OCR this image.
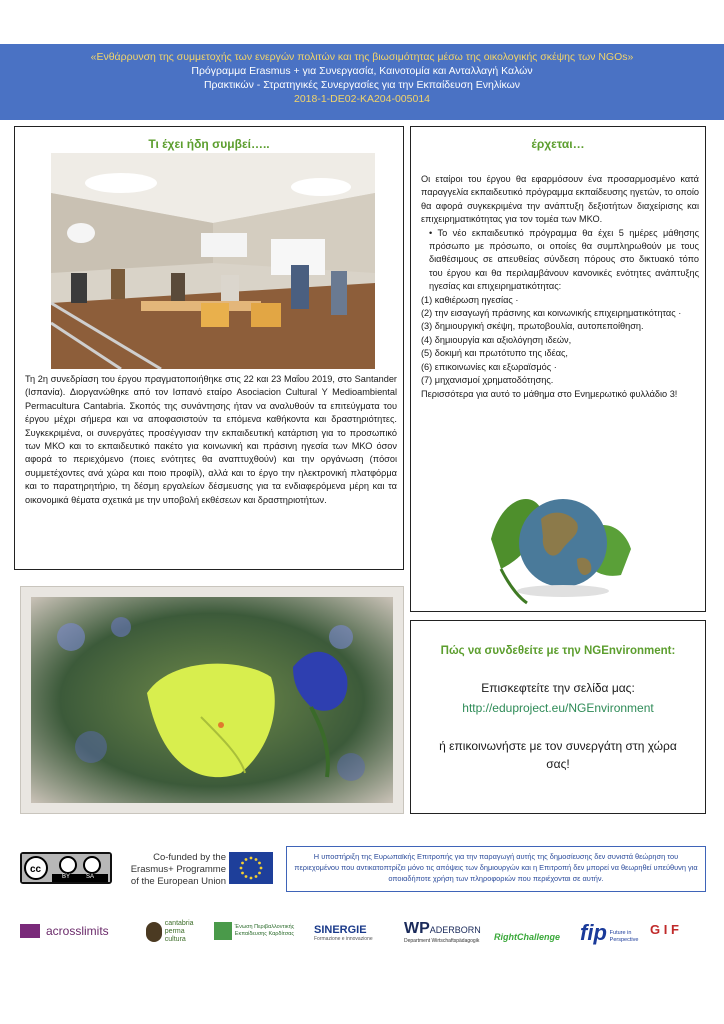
«Ενθάρρυνση της συμμετοχής των ενεργών πολιτών και της βιωσιμότητας μέσω της οικολογικής σκέψης των NGOs»
Πρόγραμμα Erasmus + για Συνεργασία, Καινοτομία και Ανταλλαγή Καλών
Πρακτικών - Στρατηγικές Συνεργασίες για την Εκπαίδευση Ενηλίκων
2018-1-DE02-KA204-005014
Τι έχει ήδη συμβεί…..
Τη 2η συνεδρίαση του έργου πραγματοποιήθηκε στις 22 και 23 Μαΐου 2019, στο Santander (Ισπανία). Διοργανώθηκε από τον Ισπανό εταίρο Asociacion Cultural Y Medioambiental Permacultura Cantabria. Σκοπός της συνάντησης ήταν να αναλυθούν τα επιτεύγματα του έργου μέχρι σήμερα και να αποφασιστούν τα επόμενα καθήκοντα και δραστηριότητες. Συγκεκριμένα, οι συνεργάτες προσέγγισαν την εκπαιδευτική κατάρτιση για το προσωπικό των ΜΚΟ και το εκπαιδευτικό πακέτο για κοινωνική και πράσινη ηγεσία των ΜΚΟ όσον αφορά το περιεχόμενο (ποιες ενότητες θα αναπτυχθούν) και την οργάνωση (πόσοι συμμετέχοντες ανά χώρα και ποιο προφίλ), αλλά και το έργο την ηλεκτρονική πλατφόρμα και το παρατηρητήριο, τη δέσμη εργαλείων δέσμευσης για τα ενδιαφερόμενα μέρη και τα οικονομικά θέματα σχετικά με την υποβολή εκθέσεων και δραστηριοτήτων.
έρχεται…

Οι εταίροι του έργου θα εφαρμόσουν ένα προσαρμοσμένο κατά παραγγελία εκπαιδευτικό πρόγραμμα εκπαίδευσης ηγετών, το οποίο θα αφορά συγκεκριμένα την ανάπτυξη δεξιοτήτων διαχείρισης και επιχειρηματικότητας για τον τομέα των ΜΚΟ.

• Το νέο εκπαιδευτικό πρόγραμμα θα έχει 5 ημέρες μάθησης πρόσωπο με πρόσωπο, οι οποίες θα συμπληρωθούν με τους διαθέσιμους σε απευθείας σύνδεση πόρους στο δικτυακό τόπο του έργου και θα περιλαμβάνουν κανονικές ενότητες ανάπτυξης ηγεσίας και επιχειρηματικότητας:

(1) καθιέρωση ηγεσίας ·

(2) την εισαγωγή πράσινης και κοινωνικής επιχειρηματικότητας ·

(3) δημιουργική σκέψη, πρωτοβουλία, αυτοπεποίθηση.

(4) δημιουργία και αξιολόγηση ιδεών,

(5) δοκιμή και πρωτότυπο της ιδέας,

(6) επικοινωνίες και εξωραϊσμός ·

(7) μηχανισμοί χρηματοδότησης.

Περισσότερα για αυτό το μάθημα στο Ενημερωτικό φυλλάδιο 3!

Πώς να συνδεθείτε με την NGEnvironment:
Επισκεφτείτε την σελίδα μας:
http://eduproject.eu/NGEnvironment
ή επικοινωνήστε με τον συνεργάτη στη χώρα σας!
cc
BY	SA
Co-funded by the Erasmus+ Programme of the European Union
Η υποστήριξη της Ευρωπαϊκής Επιτροπής για την παραγωγή αυτής της δημοσίευσης δεν συνιστά θεώρηση του περιεχομένου που αντικατοπτρίζει μόνο τις απόψεις των δημιουργών και η Επιτροπή δεν μπορεί να θεωρηθεί υπεύθυνη για οποιαδήποτε χρήση των πληροφοριών που περιέχονται σε αυτήν.
acrosslimits
cantabria perma cultura
Ένωση Περιβαλλοντικής Εκπαίδευσης Καρδίτσας	SINERGIE
Formazione e innovazione
WPADERBORN
Department Wirtschaftspädagogik	RightChallenge fip Future in Perspective
G I F
